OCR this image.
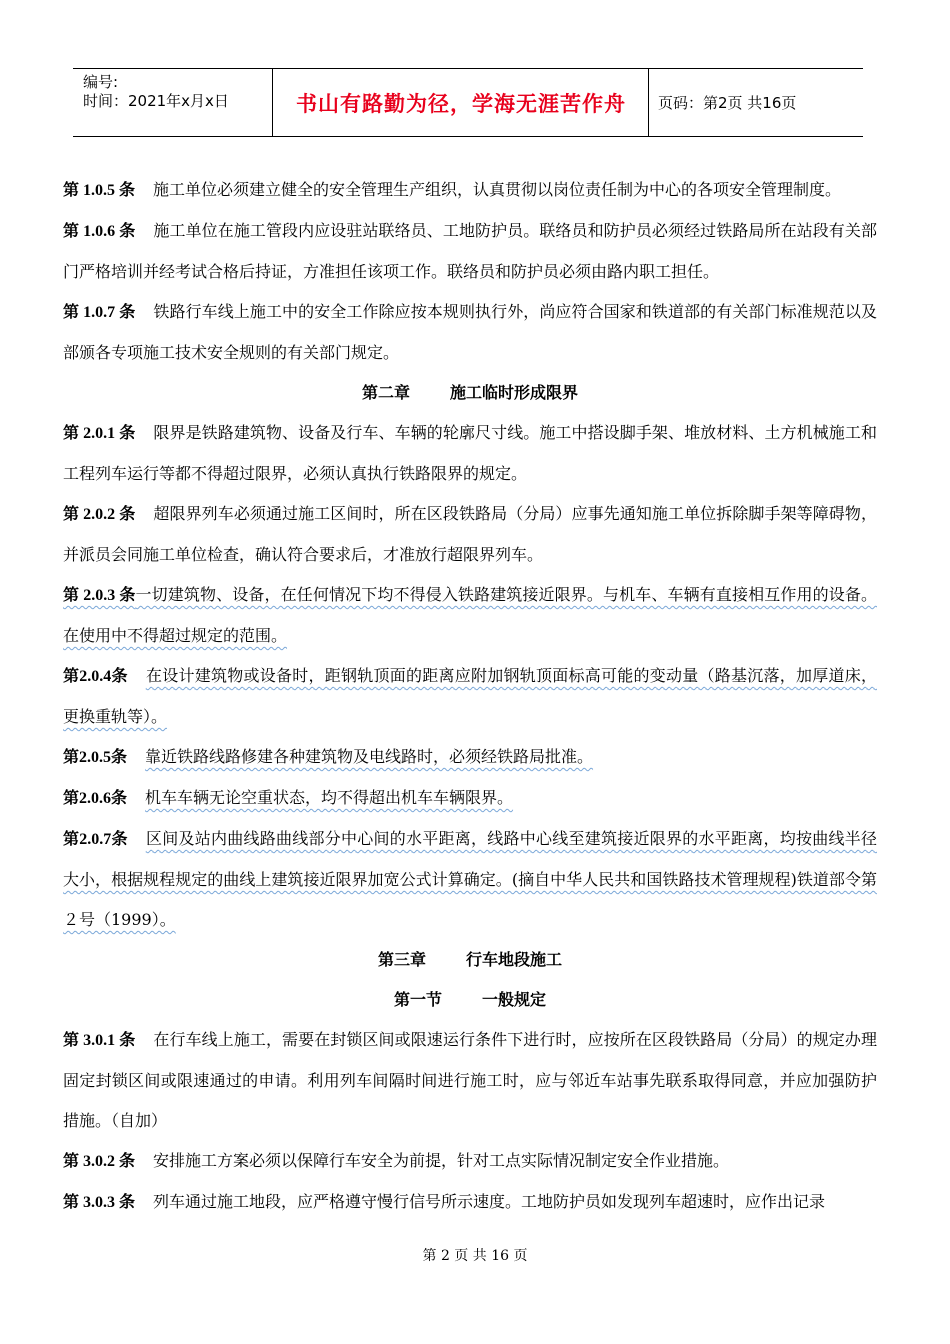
编号:
时间：2021年x月x日	书山有路勤为径，学海无涯苦作舟	页码：第2页 共16页
第 1.0.5 条 施工单位必须建立健全的安全管理生产组织，认真贯彻以岗位责任制为中心的各项安全管理制度。
第 1.0.6 条 施工单位在施工管段内应设驻站联络员、工地防护员。联络员和防护员必须经过铁路局所在站段有关部门严格培训并经考试合格后持证，方准担任该项工作。联络员和防护员必须由路内职工担任。
第 1.0.7 条 铁路行车线上施工中的安全工作除应按本规则执行外，尚应符合国家和铁道部的有关部门标准规范以及部颁各专项施工技术安全规则的有关部门规定。
第二章	施工临时形成限界
第 2.0.1 条 限界是铁路建筑物、设备及行车、车辆的轮廓尺寸线。施工中搭设脚手架、堆放材料、土方机械施工和工程列车运行等都不得超过限界，必须认真执行铁路限界的规定。
第 2.0.2 条 超限界列车必须通过施工区间时，所在区段铁路局（分局）应事先通知施工单位拆除脚手架等障碍物，并派员会同施工单位检查，确认符合要求后，才准放行超限界列车。
第 2.0.3 条一切建筑物、设备，在任何情况下均不得侵入铁路建筑接近限界。与机车、车辆有直接相互作用的设备。在使用中不得超过规定的范围。
第2.0.4条 在设计建筑物或设备时，距钢轨顶面的距离应附加钢轨顶面标高可能的变动量（路基沉落，加厚道床，更换重轨等）。
第2.0.5条 靠近铁路线路修建各种建筑物及电线路时，必须经铁路局批准。
第2.0.6条 机车车辆无论空重状态，均不得超出机车车辆限界。
第2.0.7条 区间及站内曲线路曲线部分中心间的水平距离，线路中心线至建筑接近限界的水平距离，均按曲线半径大小，根据规程规定的曲线上建筑接近限界加宽公式计算确定。(摘自中华人民共和国铁路技术管理规程)铁道部令第２号（1999）。
第三章	行车地段施工
第一节	一般规定
第 3.0.1 条 在行车线上施工，需要在封锁区间或限速运行条件下进行时，应按所在区段铁路局（分局）的规定办理固定封锁区间或限速通过的申请。利用列车间隔时间进行施工时，应与邻近车站事先联系取得同意，并应加强防护措施。（自加）
第 3.0.2 条 安排施工方案必须以保障行车安全为前提，针对工点实际情况制定安全作业措施。
第 3.0.3 条 列车通过施工地段，应严格遵守慢行信号所示速度。工地防护员如发现列车超速时，应作出记录
第 2 页 共 16 页
